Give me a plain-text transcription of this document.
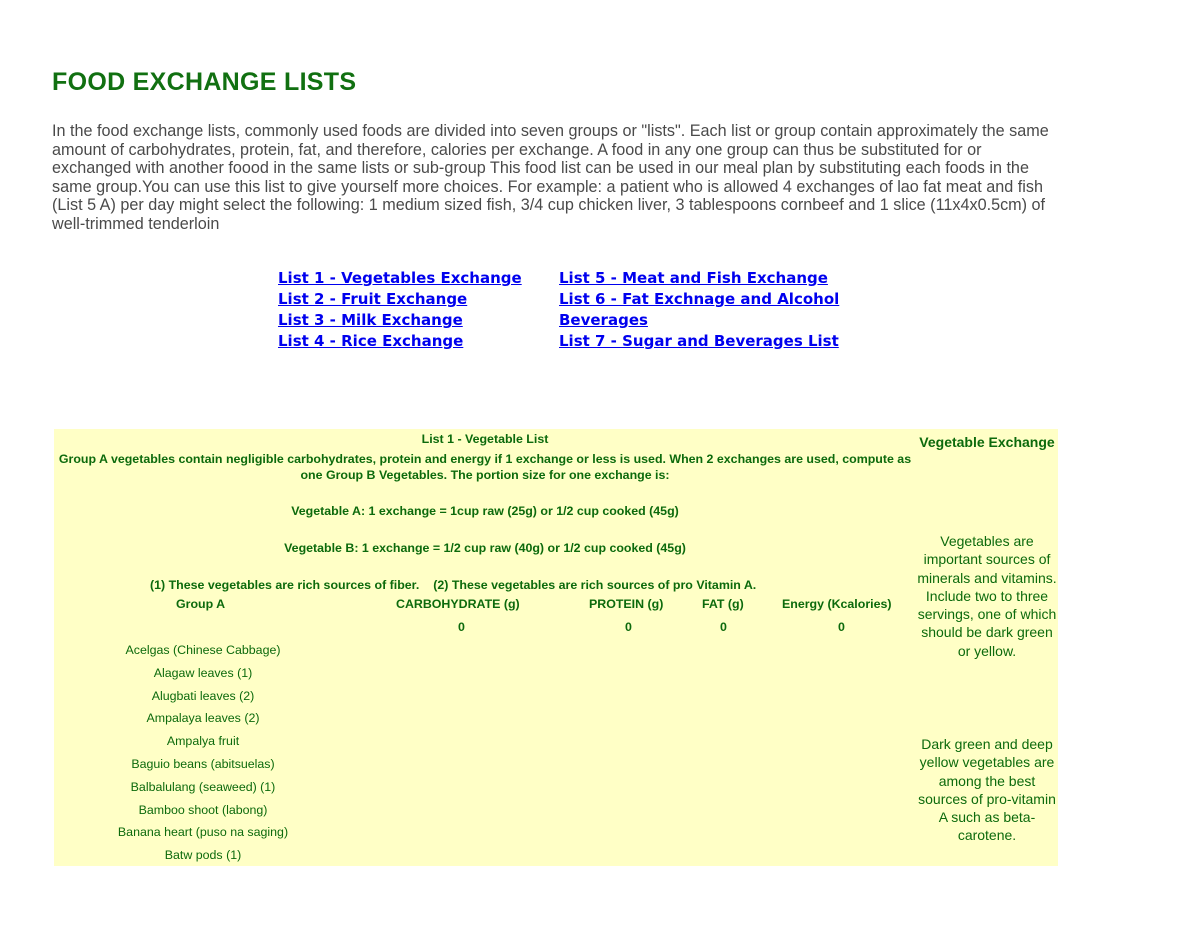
FOOD EXCHANGE LISTS

In the food exchange lists, commonly used foods are divided into seven groups or "lists". Each list or group contain approximately the same amount of carbohydrates, protein, fat, and therefore, calories per exchange. A food in any one group can thus be substituted for or exchanged with another foood in the same lists or sub-group This food list can be used in our meal plan by substituting each foods in the same group.You can use this list to give yourself more choices. For example: a patient who is allowed 4 exchanges of lao fat meat and fish (List 5 A) per day might select the following: 1 medium sized fish, 3/4 cup chicken liver, 3 tablespoons cornbeef and 1 slice (11x4x0.5cm) of well-trimmed tenderloin

List 1 - Vegetables Exchange
List 2 - Fruit Exchange
List 3 - Milk Exchange
List 4 - Rice Exchange
List 5 - Meat and Fish Exchange
List 6 - Fat Exchnage and Alcohol Beverages
List 7 - Sugar and Beverages List
List 1 - Vegetable List
Group A vegetables contain negligible carbohydrates, protein and energy if 1 exchange or less is used. When 2 exchanges are used, compute as one Group B Vegetables. The portion size for one exchange is:
Vegetable A: 1 exchange = 1cup raw (25g) or 1/2 cup cooked (45g)
Vegetable B: 1 exchange = 1/2 cup raw (40g) or 1/2 cup cooked (45g)
(1) These vegetables are rich sources of fiber. (2) These vegetables are rich sources of pro Vitamin A.
Group A	CARBOHYDRATE (g)	PROTEIN (g)	FAT (g)	Energy (Kcalories)
0	0	0	0
Acelgas (Chinese Cabbage)
Alagaw leaves (1)
Alugbati leaves (2)
Ampalaya leaves (2)
Ampalya fruit
Baguio beans (abitsuelas)
Balbalulang (seaweed) (1)
Bamboo shoot (labong)
Banana heart (puso na saging)
Batw pods (1)
Vegetable Exchange
Vegetables are important sources of minerals and vitamins. Include two to three servings, one of which should be dark green or yellow.
Dark green and deep yellow vegetables are among the best sources of pro-vitamin A such as beta-carotene.
